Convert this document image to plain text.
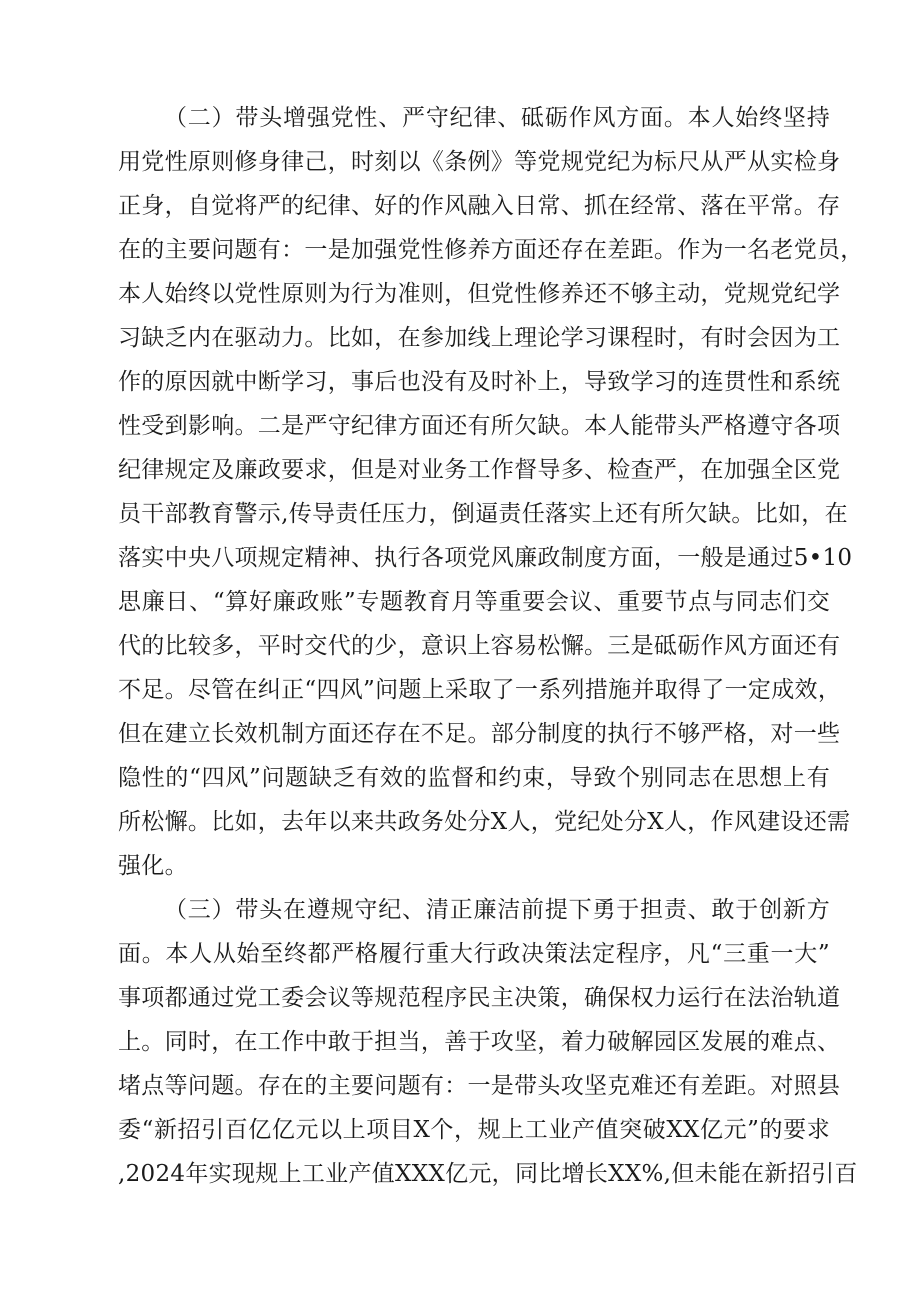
（二）带头增强党性、严守纪律、砥砺作风方面。本人始终坚持
用党性原则修身律己，时刻以《条例》等党规党纪为标尺从严从实检身
正身，自觉将严的纪律、好的作风融入日常、抓在经常、落在平常。存
在的主要问题有：一是加强党性修养方面还存在差距。作为一名老党员，
本人始终以党性原则为行为准则，但党性修养还不够主动，党规党纪学
习缺乏内在驱动力。比如，在参加线上理论学习课程时，有时会因为工
作的原因就中断学习，事后也没有及时补上，导致学习的连贯性和系统
性受到影响。二是严守纪律方面还有所欠缺。本人能带头严格遵守各项
纪律规定及廉政要求，但是对业务工作督导多、检查严，在加强全区党
员干部教育警示,传导责任压力，倒逼责任落实上还有所欠缺。比如，在
落实中央八项规定精神、执行各项党风廉政制度方面，一般是通过5•10
思廉日、“算好廉政账”专题教育月等重要会议、重要节点与同志们交
代的比较多，平时交代的少，意识上容易松懈。三是砥砺作风方面还有
不足。尽管在纠正“四风”问题上采取了一系列措施并取得了一定成效，
但在建立长效机制方面还存在不足。部分制度的执行不够严格，对一些
隐性的“四风”问题缺乏有效的监督和约束，导致个别同志在思想上有
所松懈。比如，去年以来共政务处分X人，党纪处分X人，作风建设还需
强化。
（三）带头在遵规守纪、清正廉洁前提下勇于担责、敢于创新方
面。本人从始至终都严格履行重大行政决策法定程序，凡“三重一大”
事项都通过党工委会议等规范程序民主决策，确保权力运行在法治轨道
上。同时，在工作中敢于担当，善于攻坚，着力破解园区发展的难点、
堵点等问题。存在的主要问题有：一是带头攻坚克难还有差距。对照县
委“新招引百亿亿元以上项目X个，规上工业产值突破XX亿元”的要求
,2024年实现规上工业产值XXX亿元，同比增长XX%,但未能在新招引百
